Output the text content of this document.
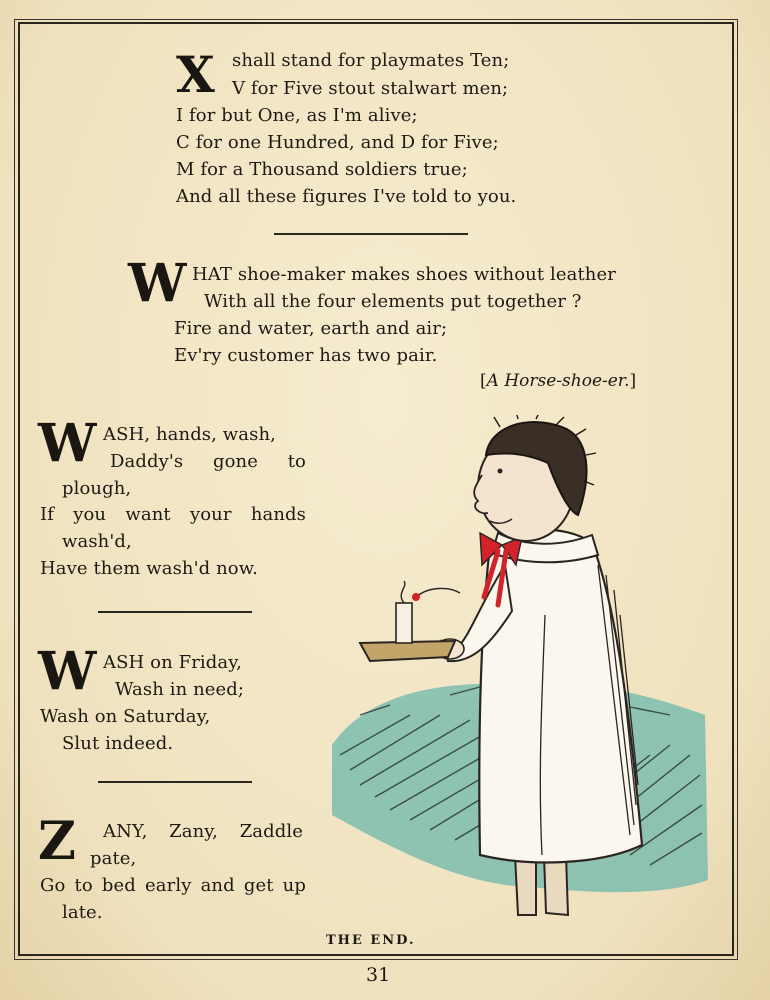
X shall stand for playmates Ten;
V for Five stout stalwart men;
I for but One, as I'm alive;
C for one Hundred, and D for Five;
M for a Thousand soldiers true;
And all these figures I've told to you.
W HAT shoe-maker makes shoes without leather
With all the four elements put together ?
Fire and water, earth and air;
Ev'ry customer has two pair.
[A Horse-shoe-er.]
W ASH, hands, wash,
Daddy's gone to
plough,
If you want your hands
wash'd,
Have them wash'd now.
W ASH on Friday,
Wash in need;
Wash on Saturday,
Slut indeed.
Z ANY, Zany, Zaddle
pate,
Go to bed early and get up
late.
THE END.
31
